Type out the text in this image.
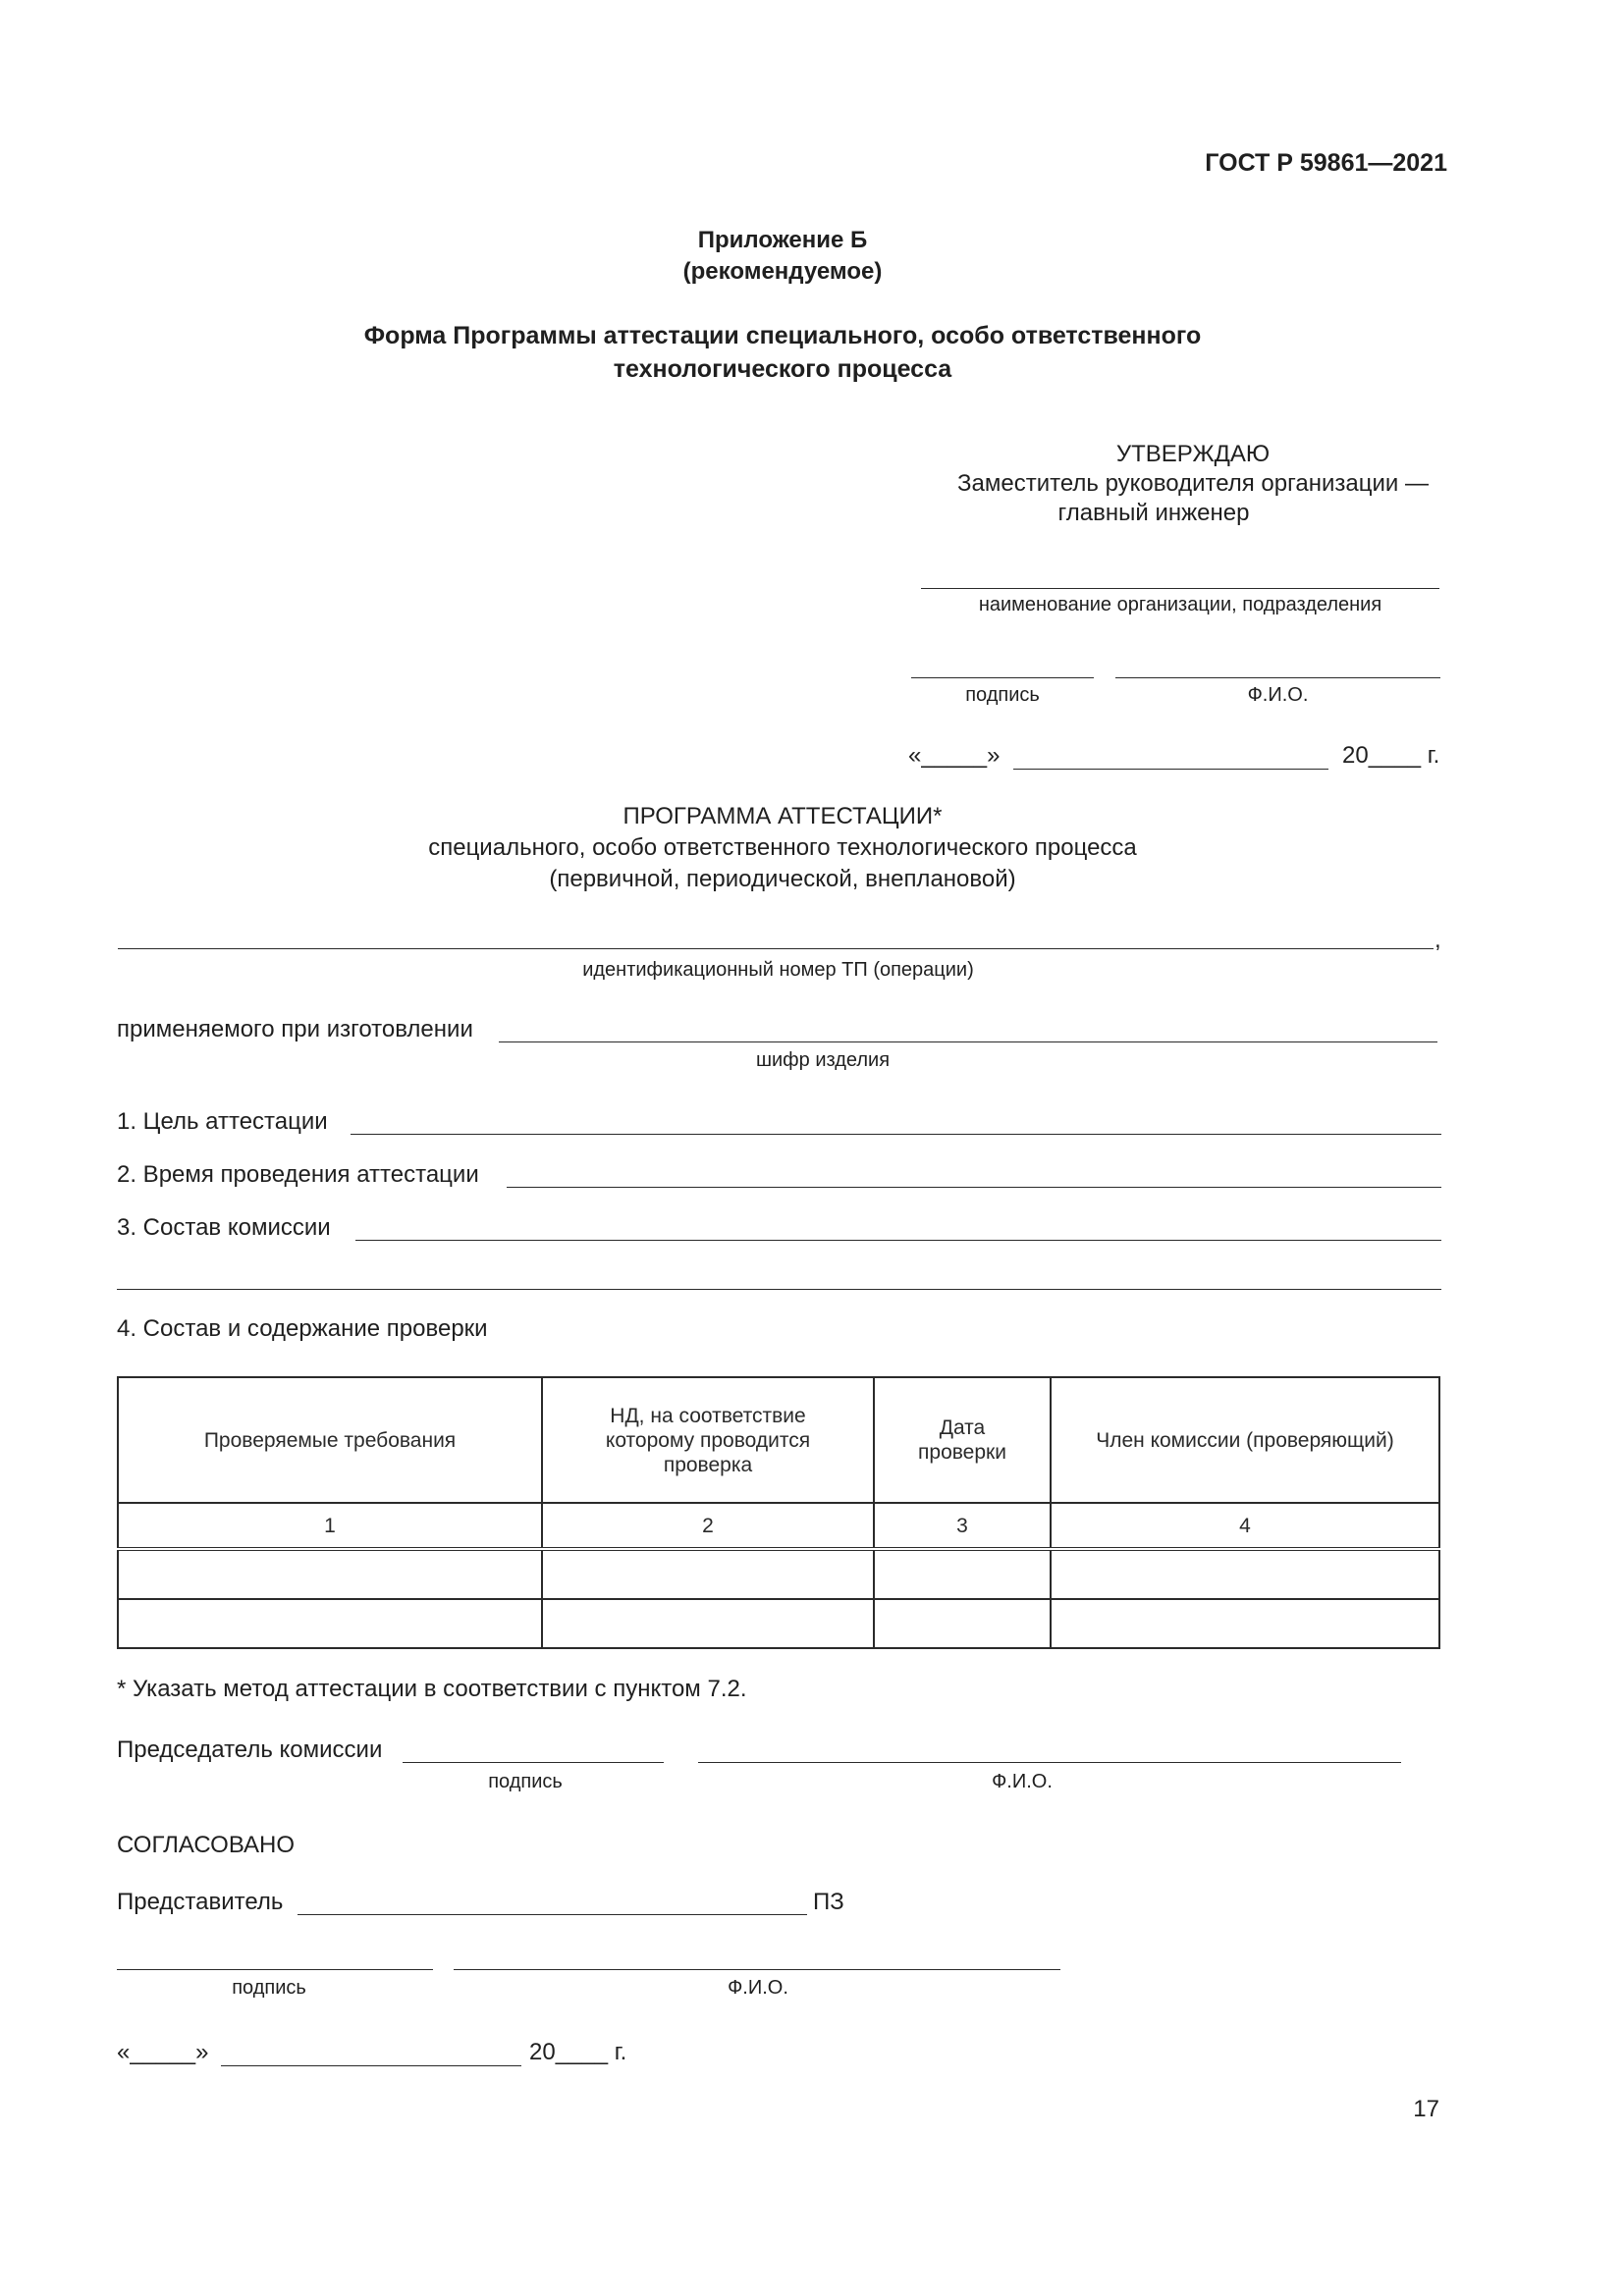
ГОСТ Р 59861—2021
Приложение Б
(рекомендуемое)
Форма Программы аттестации специального, особо ответственного
технологического процесса
УТВЕРЖДАЮ
Заместитель руководителя организации —
главный инженер
наименование организации, подразделения
подпись	Ф.И.О.
«_____»	20____ г.
ПРОГРАММА АТТЕСТАЦИИ*
специального, особо ответственного технологического процесса
(первичной, периодической, внеплановой)
,
идентификационный номер ТП (операции)
применяемого при изготовлении
шифр изделия
1. Цель аттестации
2. Время проведения аттестации
3. Состав комиссии
4. Состав и содержание проверки
Проверяемые требования	НД, на соответствие которому проводится проверка	Дата проверки	Член комиссии (проверяющий)
1	2	3	4

* Указать метод аттестации в соответствии с пунктом 7.2.
Председатель комиссии
подпись	Ф.И.О.
СОГЛАСОВАНО
Представитель	ПЗ
подпись	Ф.И.О.
«_____»	20____ г.
17
